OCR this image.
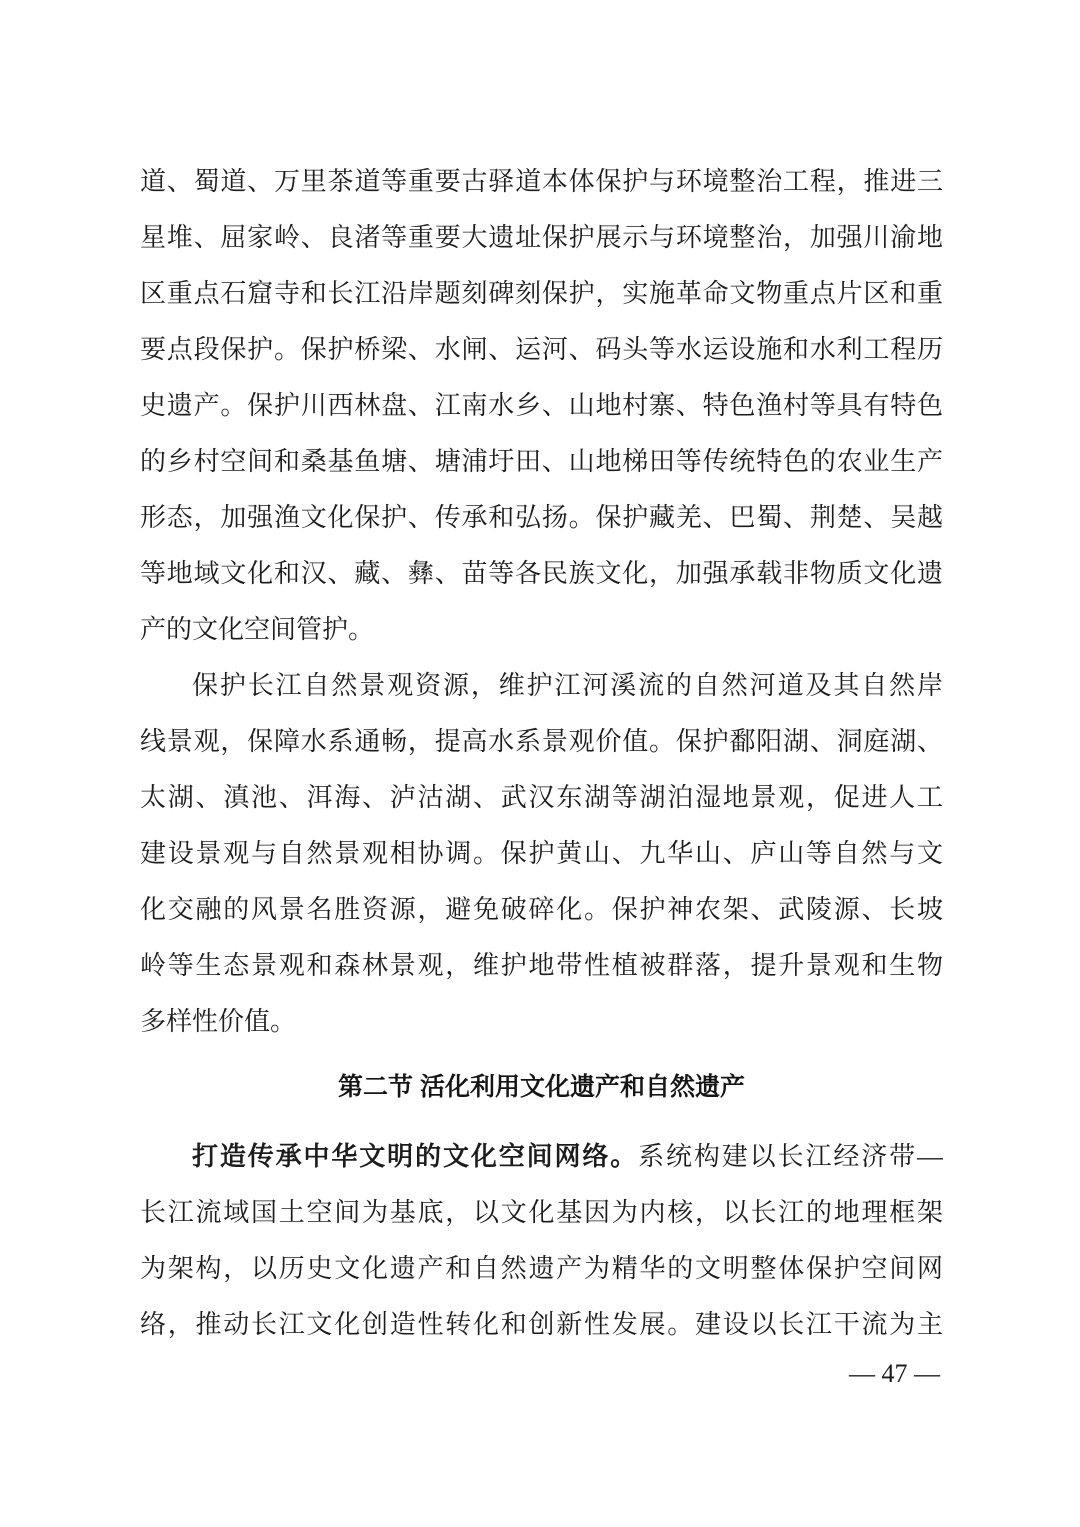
道、蜀道、万里茶道等重要古驿道本体保护与环境整治工程，推进三

星堆、屈家岭、良渚等重要大遗址保护展示与环境整治，加强川渝地

区重点石窟寺和长江沿岸题刻碑刻保护，实施革命文物重点片区和重

要点段保护。保护桥梁、水闸、运河、码头等水运设施和水利工程历

史遗产。保护川西林盘、江南水乡、山地村寨、特色渔村等具有特色

的乡村空间和桑基鱼塘、塘浦圩田、山地梯田等传统特色的农业生产

形态，加强渔文化保护、传承和弘扬。保护藏羌、巴蜀、荆楚、吴越

等地域文化和汉、藏、彝、苗等各民族文化，加强承载非物质文化遗

产的文化空间管护。

保护长江自然景观资源，维护江河溪流的自然河道及其自然岸

线景观，保障水系通畅，提高水系景观价值。保护鄱阳湖、洞庭湖、

太湖、滇池、洱海、泸沽湖、武汉东湖等湖泊湿地景观，促进人工

建设景观与自然景观相协调。保护黄山、九华山、庐山等自然与文

化交融的风景名胜资源，避免破碎化。保护神农架、武陵源、长坡

岭等生态景观和森林景观，维护地带性植被群落，提升景观和生物

多样性价值。

第二节 活化利用文化遗产和自然遗产

打造传承中华文明的文化空间网络。系统构建以长江经济带—

长江流域国土空间为基底，以文化基因为内核，以长江的地理框架

为架构，以历史文化遗产和自然遗产为精华的文明整体保护空间网

络，推动长江文化创造性转化和创新性发展。建设以长江干流为主

— 47 —
